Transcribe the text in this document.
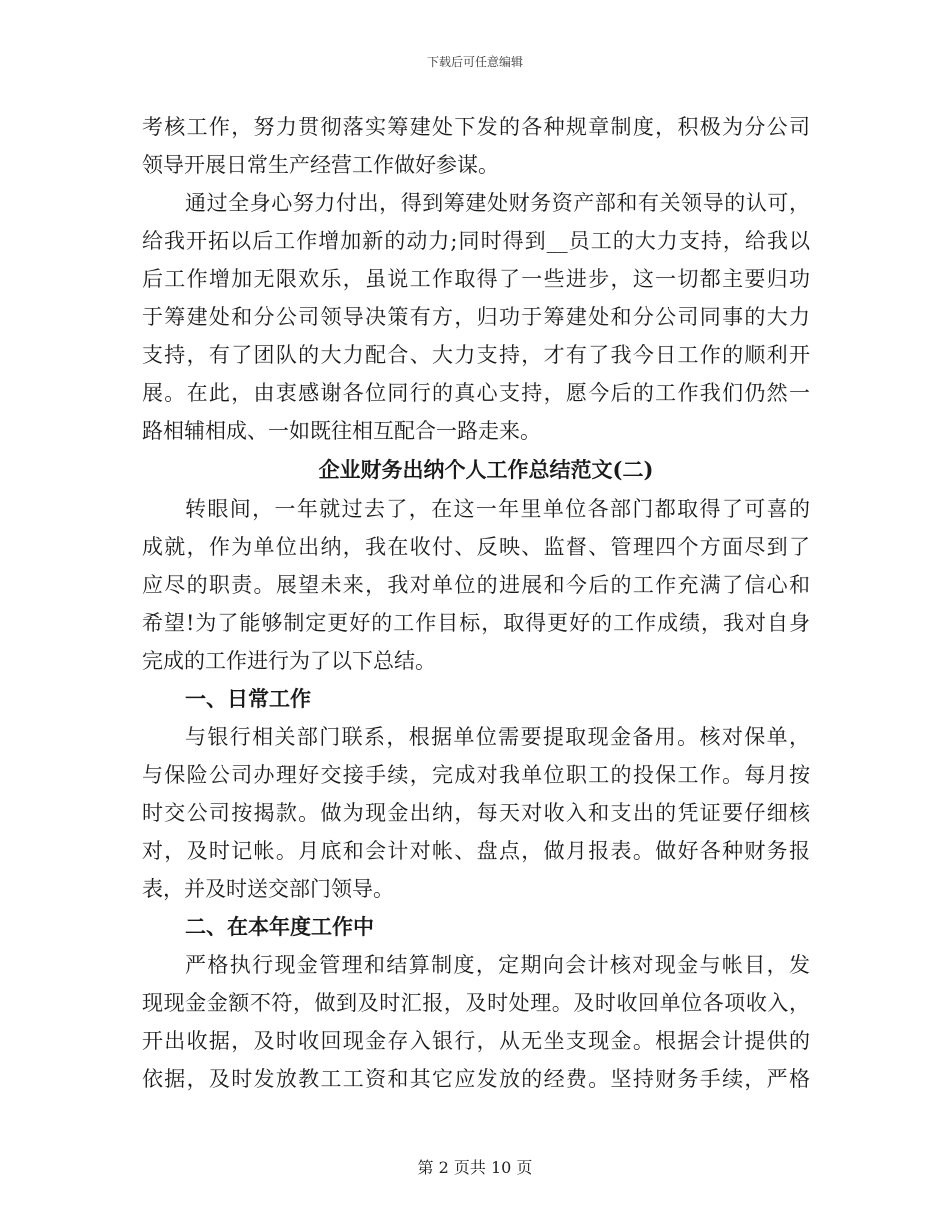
下载后可任意编辑
考核工作，努力贯彻落实筹建处下发的各种规章制度，积极为分公司
领导开展日常生产经营工作做好参谋。
通过全身心努力付出，得到筹建处财务资产部和有关领导的认可，
给我开拓以后工作增加新的动力;同时得到__员工的大力支持，给我以
后工作增加无限欢乐，虽说工作取得了一些进步，这一切都主要归功
于筹建处和分公司领导决策有方，归功于筹建处和分公司同事的大力
支持，有了团队的大力配合、大力支持，才有了我今日工作的顺利开
展。在此，由衷感谢各位同行的真心支持，愿今后的工作我们仍然一
路相辅相成、一如既往相互配合一路走来。
企业财务出纳个人工作总结范文(二)
转眼间，一年就过去了，在这一年里单位各部门都取得了可喜的
成就，作为单位出纳，我在收付、反映、监督、管理四个方面尽到了
应尽的职责。展望未来，我对单位的进展和今后的工作充满了信心和
希望!为了能够制定更好的工作目标，取得更好的工作成绩，我对自身
完成的工作进行为了以下总结。
一、日常工作
与银行相关部门联系，根据单位需要提取现金备用。核对保单，
与保险公司办理好交接手续，完成对我单位职工的投保工作。每月按
时交公司按揭款。做为现金出纳，每天对收入和支出的凭证要仔细核
对，及时记帐。月底和会计对帐、盘点，做月报表。做好各种财务报
表，并及时送交部门领导。
二、在本年度工作中
严格执行现金管理和结算制度，定期向会计核对现金与帐目，发
现现金金额不符，做到及时汇报，及时处理。及时收回单位各项收入，
开出收据，及时收回现金存入银行，从无坐支现金。根据会计提供的
依据，及时发放教工工资和其它应发放的经费。坚持财务手续，严格
第 2 页共 10 页
